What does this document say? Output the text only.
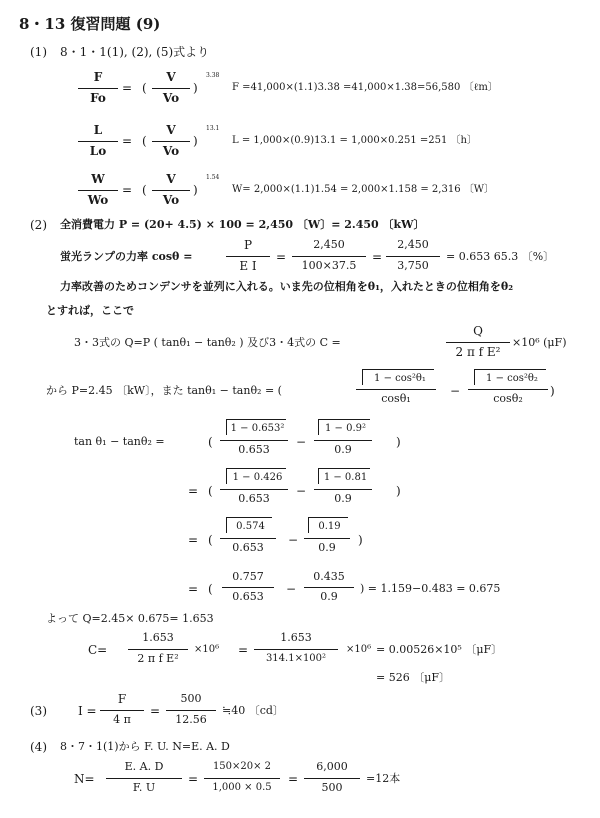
8・13 復習問題 (9)
(1) 8・1・1(1), (2), (5)式より
F
Fo
= (
V
Vo
)
3.38
F =41,000×(1.1)3.38 =41,000×1.38=56,580 〔ℓm〕
L
Lo
= (
V
Vo
)
13.1
L = 1,000×(0.9)13.1 = 1,000×0.251 =251 〔h〕
W
Wo
= (
V
Vo
)
1.54
W= 2,000×(1.1)1.54 = 2,000×1.158 = 2,316 〔W〕
(2) 全消費電力 P = (20+ 4.5) × 100 = 2,450 〔W〕= 2.450 〔kW〕
蛍光ランプの力率 cosθ =
P
E I
=
2,450
100×37.5
=
2,450
3,750
= 0.653 65.3 〔%〕
力率改善のためコンデンサを並列に入れる。いま先の位相角をθ₁，入れたときの位相角をθ₂
とすれば，ここで
3・3式の Q=P ( tanθ₁ − tanθ₂ ) 及び3・4式の C =
Q
2 π f E²
×10⁶ (μF)
から P=2.45 〔kW〕，また tanθ₁ − tanθ₂ = (
1 − cos²θ₁
cosθ₁
−
1 − cos²θ₂
cosθ₂
)
tan θ₁ − tanθ₂ =	(
1 − 0.653²
0.653
−
1 − 0.9²
0.9
)
= (
1 − 0.426
0.653
−
1 − 0.81
0.9
)
= (
0.574
0.653
−
0.19
0.9
)
= (
0.757
0.653
−
0.435
0.9
) = 1.159−0.483 = 0.675
よって Q=2.45× 0.675= 1.653
C=
1.653
2 π f E²
×10⁶ =
1.653
314.1×100²
×10⁶ = 0.00526×10⁵ 〔μF〕
= 526 〔μF〕
(3)	I =
F
4 π
=
500
12.56
≒40 〔cd〕
(4) 8・7・1(1)から F. U. N=E. A. D
N=
E. A. D
F. U
=
150×20× 2
1,000 × 0.5
=
6,000
500
=12本
